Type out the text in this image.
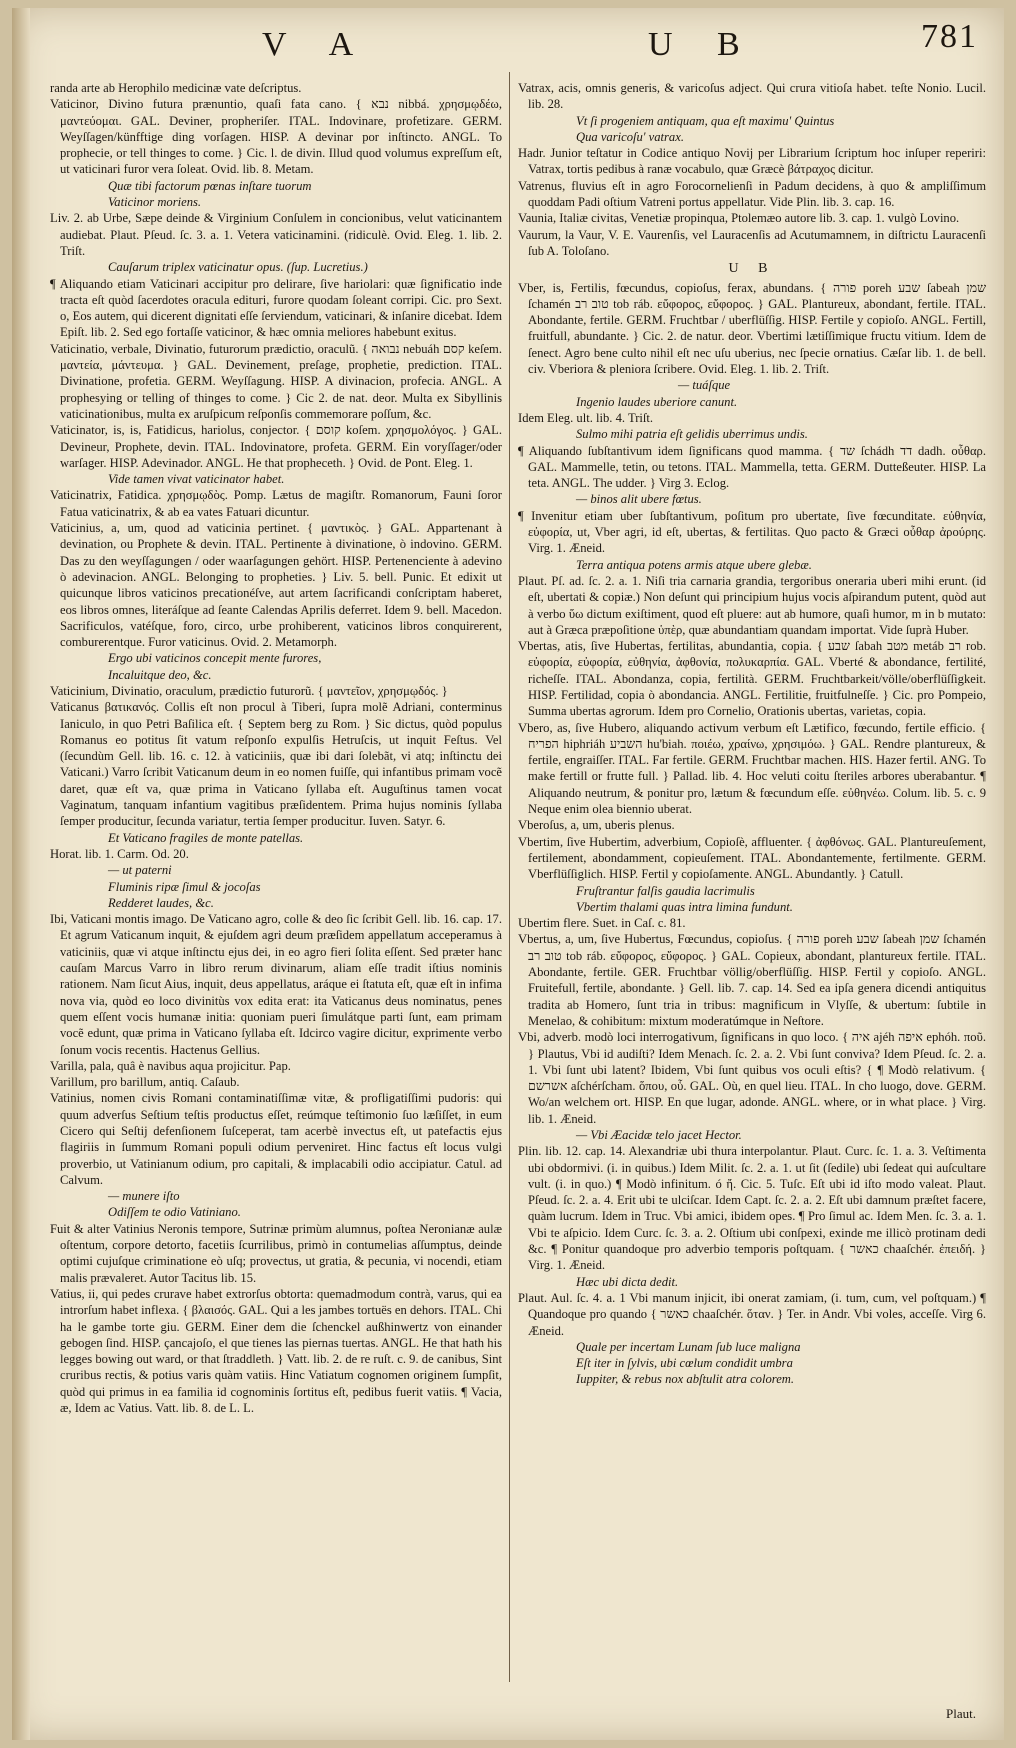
V A	U B	781
randa arte ab Herophilo medicinæ vate deſcriptus.
Vaticinor, Divino futura prænuntio, quaſi fata cano. { נבא nibbá. χρησμῳδέω, μαντεύομαι. GAL. Deviner, propheriſer. ITAL. Indovinare, profetizare. GERM. Weyſſagen/künfftige ding vorſagen. HISP. A devinar por inſtincto. ANGL. To prophecie, or tell thinges to come. } Cic. l. de divin. Illud quod volumus expreſſum eſt, ut vaticinari furor vera ſoleat. Ovid. lib. 8. Metam.
Quæ tibi factorum pœnas inſtare tuorum
Vaticinor moriens.
Liv. 2. ab Urbe, Sæpe deinde & Virginium Conſulem in concionibus, velut vaticinantem audiebat. Plaut. Pſeud. ſc. 3. a. 1. Vetera vaticinamini. (ridiculè. Ovid. Eleg. 1. lib. 2. Triſt.
Cauſarum triplex vaticinatur opus. (ſup. Lucretius.)
¶ Aliquando etiam Vaticinari accipitur pro delirare, ſive hariolari: quæ ſignificatio inde tracta eſt quòd ſacerdotes oracula edituri, furore quodam ſoleant corripi. Cic. pro Sext. o, Eos autem, qui dicerent dignitati eſſe ſerviendum, vaticinari, & inſanire dicebat. Idem Epiſt. lib. 2. Sed ego fortaſſe vaticinor, & hæc omnia meliores habebunt exitus.
Vaticinatio, verbale, Divinatio, futurorum prædictio, oraculũ. { נבואה nebuáh קסם keſem. μαντεία, μάντευμα. } GAL. Devinement, preſage, prophetie, prediction. ITAL. Divinatione, profetia. GERM. Weyſſagung. HISP. A divinacion, profecia. ANGL. A prophesying or telling of thinges to come. } Cic 2. de nat. deor. Multa ex Sibyllinis vaticinationibus, multa ex aruſpicum reſponſis commemorare poſſum, &c.
Vaticinator, is, is, Fatidicus, hariolus, conjector. { קוסם koſem. χρησμολόγος. } GAL. Devineur, Prophete, devin. ITAL. Indovinatore, profeta. GERM. Ein voryſſager/oder warſager. HISP. Adevinador. ANGL. He that propheceth. } Ovid. de Pont. Eleg. 1.
Vide tamen vivat vaticinator habet.
Vaticinatrix, Fatidica. χρησμῳδὸς. Pomp. Lætus de magiſtr. Romanorum, Fauni ſoror Fatua vaticinatrix, & ab ea vates Fatuari dicuntur.
Vaticinius, a, um, quod ad vaticinia pertinet. { μαντικὸς. } GAL. Appartenant à devination, ou Prophete & devin. ITAL. Pertinente à divinatione, ò indovino. GERM. Das zu den weyſſagungen / oder waarſagungen gehört. HISP. Pertenenciente à adevino ò adevinacion. ANGL. Belonging to propheties. } Liv. 5. bell. Punic. Et edixit ut quicunque libros vaticinos precationéſve, aut artem ſacrificandi conſcriptam haberet, eos libros omnes, literáſque ad ſeante Calendas Aprilis deferret. Idem 9. bell. Macedon. Sacrificulos, vatéſque, foro, circo, urbe prohiberent, vaticinos libros conquirerent, comburerentque. Furor vaticinus. Ovid. 2. Metamorph.
Ergo ubi vaticinos concepit mente furores,
Incaluitque deo, &c.
Vaticinium, Divinatio, oraculum, prædictio futurorũ. { μαντεῖον, χρησμῳδός. }
Vaticanus βατικανός. Collis eſt non procul à Tiberi, ſupra molẽ Adriani, conterminus Ianiculo, in quo Petri Baſilica eſt. { Septem berg zu Rom. } Sic dictus, quòd populus Romanus eo potitus ſit vatum reſponſo expulſis Hetruſcis, ut inquit Feſtus. Vel (ſecundùm Gell. lib. 16. c. 12. à vaticiniis, quæ ibi dari ſolebãt, vi atq; inſtinctu dei Vaticani.) Varro ſcribit Vaticanum deum in eo nomen fuiſſe, qui infantibus primam vocẽ daret, quæ eſt va, quæ prima in Vaticano ſyllaba eſt. Auguſtinus tamen vocat Vaginatum, tanquam infantium vagitibus præſidentem. Prima hujus nominis ſyllaba ſemper producitur, ſecunda variatur, tertia ſemper producitur. Iuven. Satyr. 6.
Et Vaticano fragiles de monte patellas.
Horat. lib. 1. Carm. Od. 20.
— ut paterni
Fluminis ripæ ſimul & jocoſas
Redderet laudes, &c.
Ibi, Vaticani montis imago. De Vaticano agro, colle & deo ſic ſcribit Gell. lib. 16. cap. 17. Et agrum Vaticanum inquit, & ejuſdem agri deum præſidem appellatum acceperamus à vaticiniis, quæ vi atque inſtinctu ejus dei, in eo agro fieri ſolita eſſent. Sed præter hanc cauſam Marcus Varro in libro rerum divinarum, aliam eſſe tradit iſtius nominis rationem. Nam ſicut Aius, inquit, deus appellatus, aráque ei ſtatuta eſt, quæ eſt in infima nova via, quòd eo loco divinitùs vox edita erat: ita Vaticanus deus nominatus, penes quem eſſent vocis humanæ initia: quoniam pueri ſimulátque parti ſunt, eam primam vocẽ edunt, quæ prima in Vaticano ſyllaba eſt. Idcirco vagire dicitur, exprimente verbo ſonum vocis recentis. Hactenus Gellius.
Varilla, pala, quâ è navibus aqua projicitur. Pap.
Varillum, pro barillum, antiq. Caſaub.
Vatinius, nomen civis Romani contaminatiſſimæ vitæ, & profligatiſſimi pudoris: qui quum adverſus Seſtium teſtis productus eſſet, reúmque teſtimonio ſuo læſiſſet, in eum Cicero qui Seſtij defenſionem ſuſceperat, tam acerbè invectus eſt, ut patefactis ejus flagiriis in ſummum Romani populi odium perveniret. Hinc factus eſt locus vulgi proverbio, ut Vatinianum odium, pro capitali, & implacabili odio accipiatur. Catul. ad Calvum.
— munere iſto
Odiſſem te odio Vatiniano.
Fuit & alter Vatinius Neronis tempore, Sutrinæ primùm alumnus, poſtea Neronianæ aulæ oſtentum, corpore detorto, facetiis ſcurrilibus, primò in contumelias aſſumptus, deinde optimi cujuſque criminatione eò uſq; provectus, ut gratia, & pecunia, vi nocendi, etiam malis prævaleret. Autor Tacitus lib. 15.
Vatius, ii, qui pedes crurave habet extrorſus obtorta: quemadmodum contrà, varus, qui ea introrſum habet inflexa. { βλαισός. GAL. Qui a les jambes tortuës en dehors. ITAL. Chi ha le gambe torte giu. GERM. Einer dem die ſchenckel außhinwertz von einander gebogen ſind. HISP. çancajoſo, el que tienes las piernas tuertas. ANGL. He that hath his legges bowing out ward, or that ſtraddleth. } Vatt. lib. 2. de re ruſt. c. 9. de canibus, Sint cruribus rectis, & potius varis quàm vatiis. Hinc Vatiatum cognomen originem ſumpſit, quòd qui primus in ea familia id cognominis ſortitus eſt, pedibus fuerit vatiis. ¶ Vacia, æ, Idem ac Vatius. Vatt. lib. 8. de L. L.
Vatrax, acis, omnis generis, & varicoſus adject. Qui crura vitioſa habet. teſte Nonio. Lucil. lib. 28.
Vt ſi progeniem antiquam, qua eſt maximu' Quintus
Qua varicoſu' vatrax.
Hadr. Junior teſtatur in Codice antiquo Novij per Librarium ſcriptum hoc inſuper reperiri: Vatrax, tortis pedibus à ranæ vocabulo, quæ Græcè βάτραχος dicitur.
Vatrenus, fluvius eſt in agro Forocornelienſi in Padum decidens, à quo & ampliſſimum quoddam Padi oſtium Vatreni portus appellatur. Vide Plin. lib. 3. cap. 16.
Vaunia, Italiæ civitas, Venetiæ propinqua, Ptolemæo autore lib. 3. cap. 1. vulgò Lovino.
Vaurum, la Vaur, V. E. Vaurenſis, vel Lauracenſis ad Acutumamnem, in diſtrictu Lauracenſi ſub A. Toloſano.
U B
Vber, is, Fertilis, fœcundus, copioſus, ferax, abundans. { פורה poreh שבע ſabeah שמן ſchamén טוב רב tob ráb. εὔφορος, εὔφορος. } GAL. Plantureux, abondant, fertile. ITAL. Abondante, fertile. GERM. Fruchtbar / uberflüſſig. HISP. Fertile y copioſo. ANGL. Fertill, fruitfull, abundante. } Cic. 2. de natur. deor. Vbertimi lætiſſimique fructu vitium. Idem de ſenect. Agro bene culto nihil eſt nec uſu uberius, nec ſpecie ornatius. Cæſar lib. 1. de bell. civ. Vberiora & pleniora ſcribere. Ovid. Eleg. 1. lib. 2. Triſt.
— tuáſque
Ingenio laudes uberiore canunt.
Idem Eleg. ult. lib. 4. Triſt.
Sulmo mihi patria eſt gelidis uberrimus undis.
¶ Aliquando ſubſtantivum idem ſignificans quod mamma. { שד ſchádh דד dadh. οὖθαρ. GAL. Mammelle, tetin, ou tetons. ITAL. Mammella, tetta. GERM. Dutteßeuter. HISP. La teta. ANGL. The udder. } Virg 3. Eclog.
— binos alit ubere fœtus.
¶ Invenitur etiam uber ſubſtantivum, poſitum pro ubertate, ſive fœcunditate. εὐθηνία, εὐφορία, ut, Vber agri, id eſt, ubertas, & fertilitas. Quo pacto & Græci οὖθαρ ἀρούρης. Virg. 1. Æneid.
Terra antiqua potens armis atque ubere glebæ.
Plaut. Pſ. ad. ſc. 2. a. 1. Niſi tria carnaria grandia, tergoribus oneraria uberi mihi erunt. (id eſt, ubertati & copiæ.) Non deſunt qui principium hujus vocis aſpirandum putent, quòd aut à verbo ὕω dictum exiſtiment, quod eſt pluere: aut ab humore, quaſi humor, m in b mutato: aut à Græca præpoſitione ὑπὲρ, quæ abundantiam quandam importat. Vide ſuprà Huber.
Vbertas, atis, ſive Hubertas, fertilitas, abundantia, copia. { שבע ſabah מטב metáb רב rob. εὐφορία, εὐφορία, εὐθηνία, ἀφθονία, πολυκαρπία. GAL. Vberté & abondance, fertilité, richeſſe. ITAL. Abondanza, copia, fertilità. GERM. Fruchtbarkeit/völle/oberflüſſigkeit. HISP. Fertilidad, copia ò abondancia. ANGL. Fertilitie, fruitfulneſſe. } Cic. pro Pompeio, Summa ubertas agrorum. Idem pro Cornelio, Orationis ubertas, varietas, copia.
Vbero, as, ſive Hubero, aliquando activum verbum eſt Lætifico, fœcundo, fertile efficio. { הפריח hiphriáh השביע hu'biah. ποιέω, χραίνω, χρησιμόω. } GAL. Rendre plantureux, & fertile, engraiſſer. ITAL. Far fertile. GERM. Fruchtbar machen. HIS. Hazer fertil. ANG. To make fertill or frutte full. } Pallad. lib. 4. Hoc veluti coitu ſteriles arbores uberabantur. ¶ Aliquando neutrum, & ponitur pro, lætum & fœcundum eſſe. εὐθηνέω. Colum. lib. 5. c. 9 Neque enim olea biennio uberat.
Vberoſus, a, um, uberis plenus.
Vbertim, ſive Hubertim, adverbium, Copioſè, affluenter. { ἀφθόνως. GAL. Plantureuſement, fertilement, abondamment, copieuſement. ITAL. Abondantemente, fertilmente. GERM. Vberflüſſiglich. HISP. Fertil y copioſamente. ANGL. Abundantly. } Catull.
Fruſtrantur falſis gaudia lacrimulis
Vbertim thalami quas intra limina fundunt.
Ubertim flere. Suet. in Caſ. c. 81.
Vbertus, a, um, ſive Hubertus, Fœcundus, copioſus. { פורה poreh שבע ſabeah שמן ſchamén טוב רב tob ráb. εὔφορος, εὔφορος. } GAL. Copieux, abondant, plantureux fertile. ITAL. Abondante, fertile. GER. Fruchtbar völlig/oberflüſſig. HISP. Fertil y copioſo. ANGL. Fruitefull, fertile, abondante. } Gell. lib. 7. cap. 14. Sed ea ipſa genera dicendi antiquitus tradita ab Homero, ſunt tria in tribus: magnificum in Vlyſſe, & ubertum: ſubtile in Menelao, & cohibitum: mixtum moderatúmque in Neſtore.
Vbi, adverb. modò loci interrogativum, ſignificans in quo loco. { איה ajéh איפה ephóh. ποῦ. } Plautus, Vbi id audiſti? Idem Menach. ſc. 2. a. 2. Vbi ſunt conviva? Idem Pſeud. ſc. 2. a. 1. Vbi ſunt ubi latent? Ibidem, Vbi ſunt quibus vos oculi eſtis? { ¶ Modò relativum. { אשרשם aſchérſcham. ὅπου, οὗ. GAL. Où, en quel lieu. ITAL. In cho luogo, dove. GERM. Wo/an welchem ort. HISP. En que lugar, adonde. ANGL. where, or in what place. } Virg. lib. 1. Æneid.
— Vbi Æacidæ telo jacet Hector.
Plin. lib. 12. cap. 14. Alexandriæ ubi thura interpolantur. Plaut. Curc. ſc. 1. a. 3. Veſtimenta ubi obdormivi. (i. in quibus.) Idem Milit. ſc. 2. a. 1. ut ſit (ſedile) ubi ſedeat qui auſcultare vult. (i. in quo.) ¶ Modò infinitum. ó ἤ. Cic. 5. Tuſc. Eſt ubi id iſto modo valeat. Plaut. Pſeud. ſc. 2. a. 4. Erit ubi te ulciſcar. Idem Capt. ſc. 2. a. 2. Eſt ubi damnum præſtet facere, quàm lucrum. Idem in Truc. Vbi amici, ibidem opes. ¶ Pro ſimul ac. Idem Men. ſc. 3. a. 1. Vbi te aſpicio. Idem Curc. ſc. 3. a. 2. Oſtium ubi conſpexi, exinde me illicò protinam dedi &c. ¶ Ponitur quandoque pro adverbio temporis poſtquam. { כאשר chaaſchér. ἐπειδή. } Virg. 1. Æneid.
Hæc ubi dicta dedit.
Plaut. Aul. ſc. 4. a. 1 Vbi manum injicit, ibi onerat zamiam, (i. tum, cum, vel poſtquam.) ¶ Quandoque pro quando { כאשר chaaſchér. ὅταν. } Ter. in Andr. Vbi voles, acceſſe. Virg 6. Æneid.
Quale per incertam Lunam ſub luce maligna
Eſt iter in ſylvis, ubi cœlum condidit umbra
Iuppiter, & rebus nox abſtulit atra colorem.
Plaut.
